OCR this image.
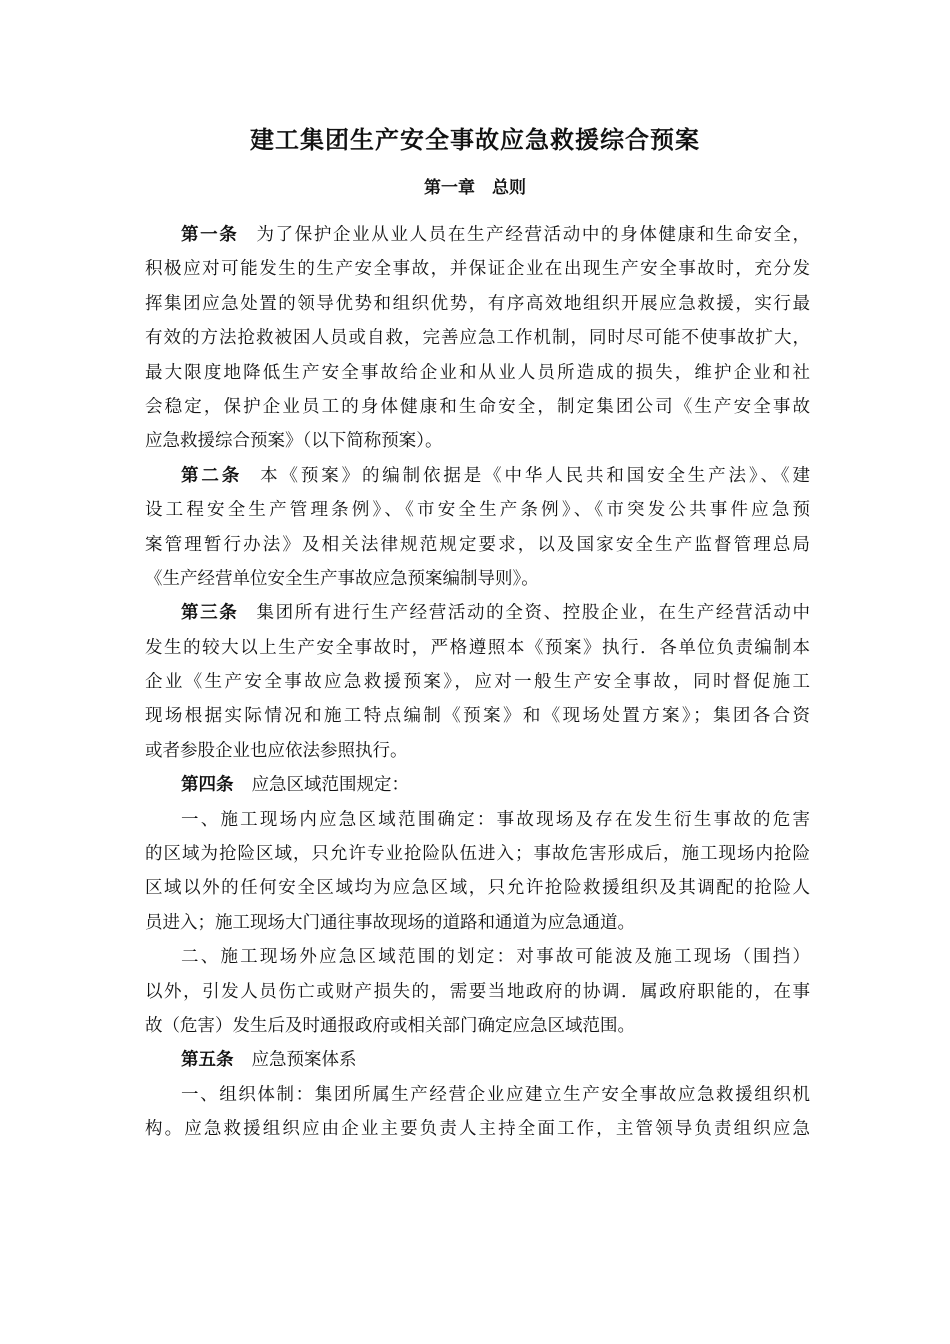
建工集团生产安全事故应急救援综合预案
第一章　总则
第一条 为了保护企业从业人员在生产经营活动中的身体健康和生命安全，
积极应对可能发生的生产安全事故，并保证企业在出现生产安全事故时，充分发
挥集团应急处置的领导优势和组织优势，有序高效地组织开展应急救援，实行最
有效的方法抢救被困人员或自救，完善应急工作机制，同时尽可能不使事故扩大，
最大限度地降低生产安全事故给企业和从业人员所造成的损失，维护企业和社
会稳定，保护企业员工的身体健康和生命安全，制定集团公司《生产安全事故
应急救援综合预案》（以下简称预案）。
第二条 本《预案》的编制依据是《中华人民共和国安全生产法》、《建
设工程安全生产管理条例》、《市安全生产条例》、《市突发公共事件应急预
案管理暂行办法》及相关法律规范规定要求，以及国家安全生产监督管理总局
《生产经营单位安全生产事故应急预案编制导则》。
第三条 集团所有进行生产经营活动的全资、控股企业，在生产经营活动中
发生的较大以上生产安全事故时，严格遵照本《预案》执行．各单位负责编制本
企业《生产安全事故应急救援预案》，应对一般生产安全事故，同时督促施工
现场根据实际情况和施工特点编制《预案》和《现场处置方案》；集团各合资
或者参股企业也应依法参照执行。
第四条 应急区域范围规定：
一、施工现场内应急区域范围确定：事故现场及存在发生衍生事故的危害
的区域为抢险区域，只允许专业抢险队伍进入；事故危害形成后，施工现场内抢险
区域以外的任何安全区域均为应急区域，只允许抢险救援组织及其调配的抢险人
员进入；施工现场大门通往事故现场的道路和通道为应急通道。
二、施工现场外应急区域范围的划定：对事故可能波及施工现场（围挡）
以外，引发人员伤亡或财产损失的，需要当地政府的协调．属政府职能的，在事
故（危害）发生后及时通报政府或相关部门确定应急区域范围。
第五条 应急预案体系
一、组织体制：集团所属生产经营企业应建立生产安全事故应急救援组织机
构。应急救援组织应由企业主要负责人主持全面工作，主管领导负责组织应急
